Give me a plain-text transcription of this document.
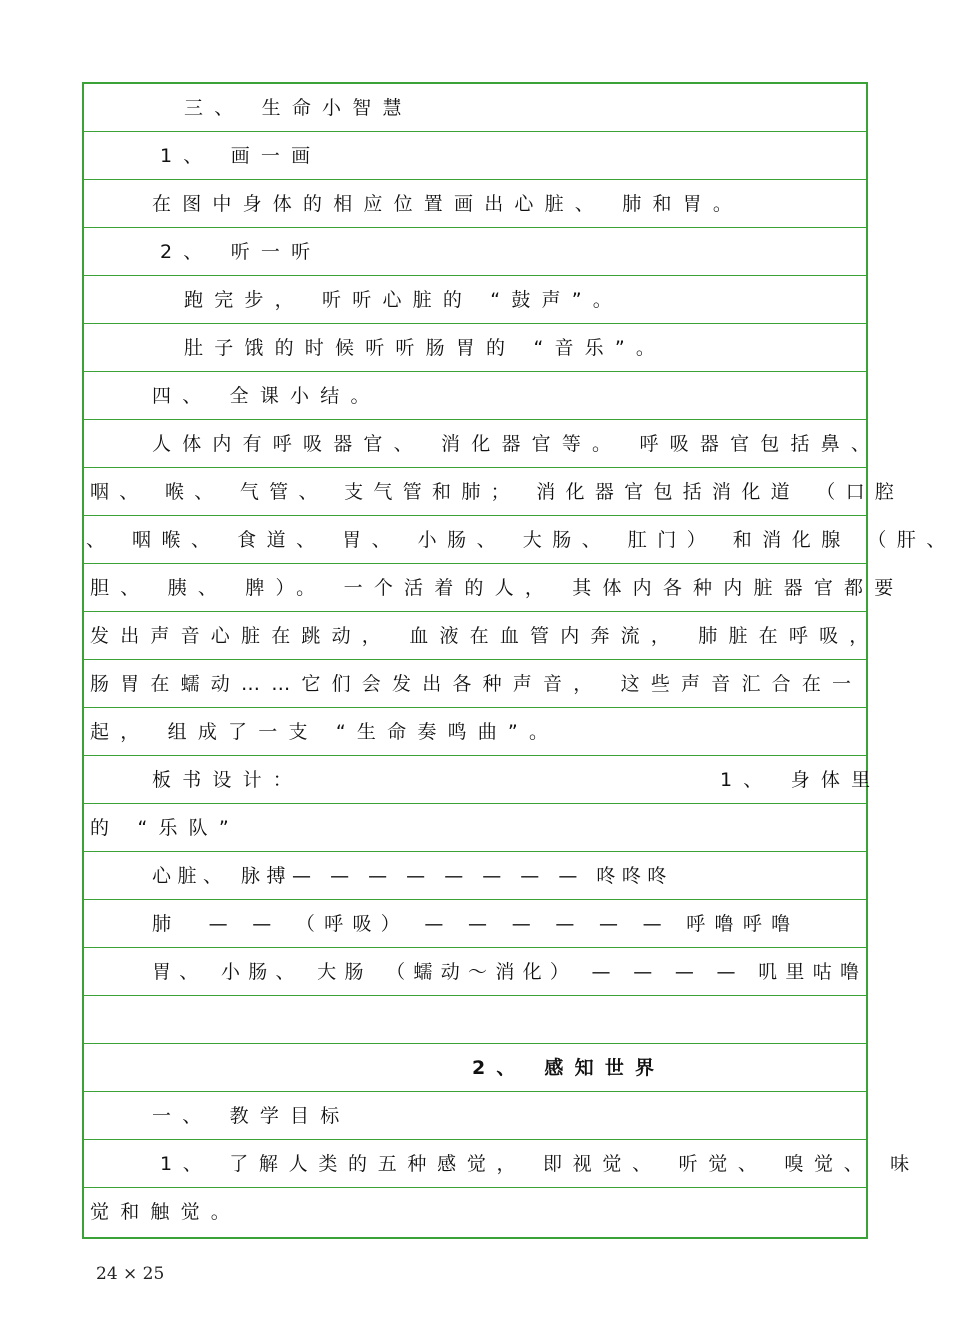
三、 生命小智慧
1、 画一画
在图中身体的相应位置画出心脏、 肺和胃。
2、 听一听
跑完步， 听听心脏的 “鼓声”。
肚子饿的时候听听肠胃的 “音乐”。
四、 全课小结。
人体内有呼吸器官、 消化器官等。 呼吸器官包括鼻、
咽、 喉、 气管、 支气管和肺； 消化器官包括消化道 （口腔
、 咽喉、 食道、 胃、 小肠、 大肠、 肛门） 和消化腺 （肝、
胆、 胰、 脾）。 一个活着的人， 其体内各种内脏器官都要
发出声音心脏在跳动， 血液在血管内奔流， 肺脏在呼吸，
肠胃在蠕动……它们会发出各种声音， 这些声音汇合在一
起， 组成了一支 “生命奏鸣曲”。
板书设计：	1、 身体里
的 “乐队”
心脏、 脉搏— — — — — — — — 咚咚咚
肺　— — （呼吸） — — — — — — 呼噜呼噜
胃、 小肠、 大肠 （蠕动～消化） — — — — 叽里咕噜
2、 感知世界
一、 教学目标
1、 了解人类的五种感觉， 即视觉、 听觉、 嗅觉、 味
觉和触觉。
24 × 25
